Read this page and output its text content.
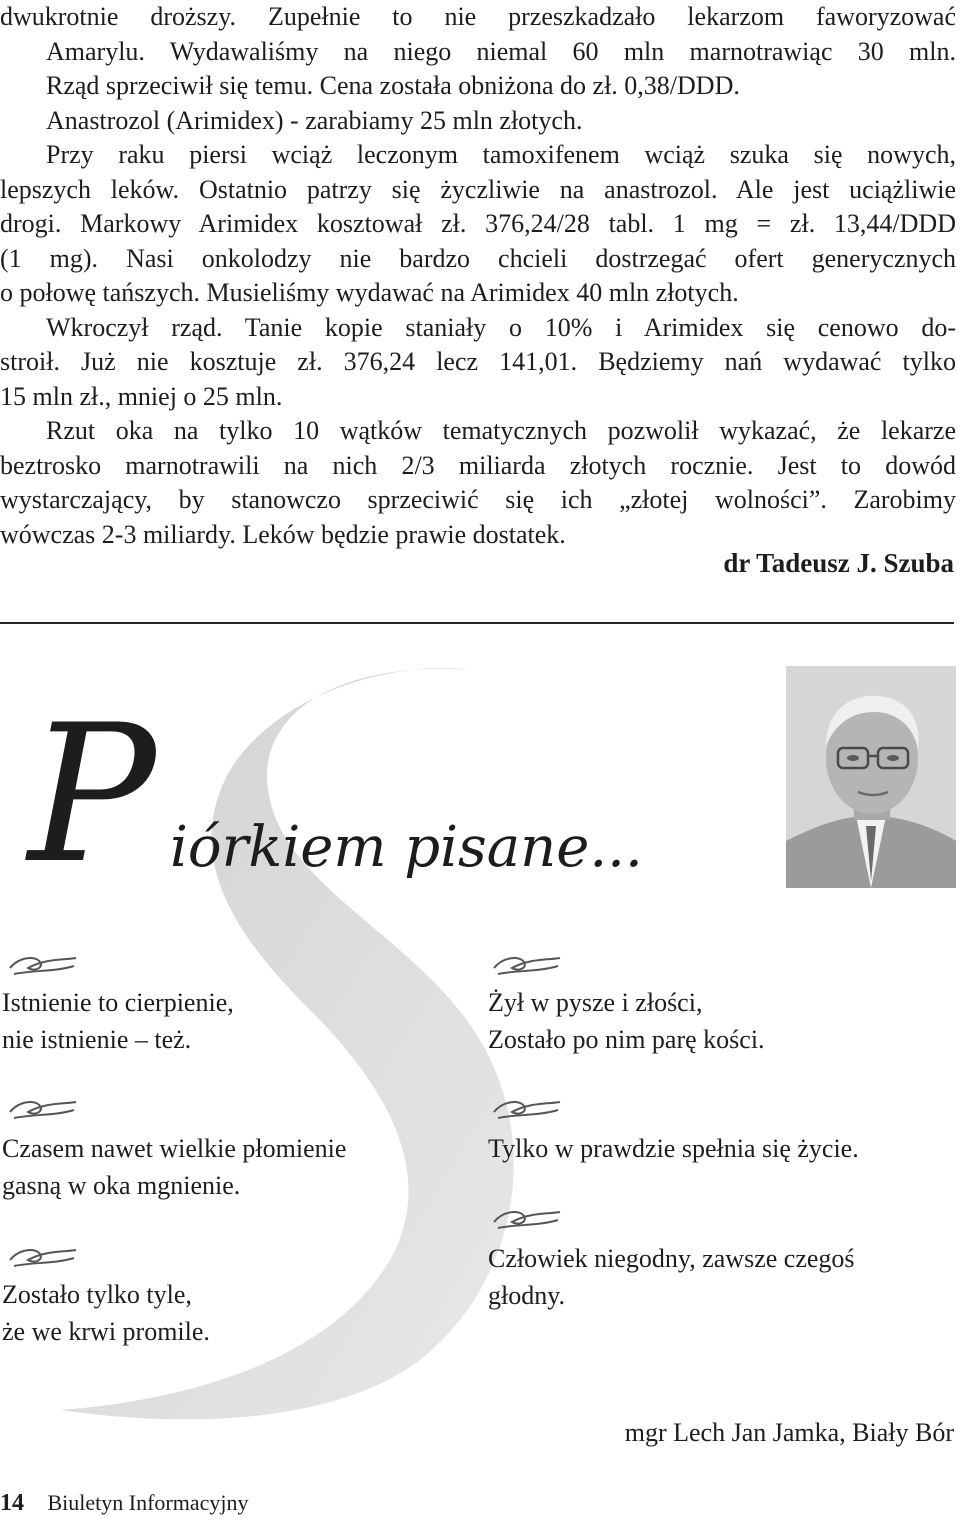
dwukrotnie droższy. Zupełnie to nie przeszkadzało lekarzom faworyzować
Amarylu. Wydawaliśmy na niego niemal 60 mln marnotrawiąc 30 mln.
Rząd sprzeciwił się temu. Cena została obniżona do zł. 0,38/DDD.
Anastrozol (Arimidex) - zarabiamy 25 mln złotych.
Przy raku piersi wciąż leczonym tamoxifenem wciąż szuka się nowych,
lepszych leków. Ostatnio patrzy się życzliwie na anastrozol. Ale jest uciążliwie
drogi. Markowy Arimidex kosztował zł. 376,24/28 tabl. 1 mg = zł. 13,44/DDD
(1 mg). Nasi onkolodzy nie bardzo chcieli dostrzegać ofert generycznych
o połowę tańszych. Musieliśmy wydawać na Arimidex 40 mln złotych.
Wkroczył rząd. Tanie kopie staniały o 10% i Arimidex się cenowo do-
stroił. Już nie kosztuje zł. 376,24 lecz 141,01. Będziemy nań wydawać tylko
15 mln zł., mniej o 25 mln.
Rzut oka na tylko 10 wątków tematycznych pozwolił wykazać, że lekarze
beztrosko marnotrawili na nich 2/3 miliarda złotych rocznie. Jest to dowód
wystarczający, by stanowczo sprzeciwić się ich „złotej wolności”. Zarobimy
wówczas 2-3 miliardy. Leków będzie prawie dostatek.
dr Tadeusz J. Szuba
P iórkiem pisane...
Istnienie to cierpienie,
nie istnienie – też.
Czasem nawet wielkie płomienie
gasną w oka mgnienie.
Zostało tylko tyle,
że we krwi promile.
Żył w pysze i złości,
Zostało po nim parę kości.
Tylko w prawdzie spełnia się życie.
Człowiek niegodny, zawsze czegoś
głodny.
mgr Lech Jan Jamka, Biały Bór
14 Biuletyn Informacyjny
